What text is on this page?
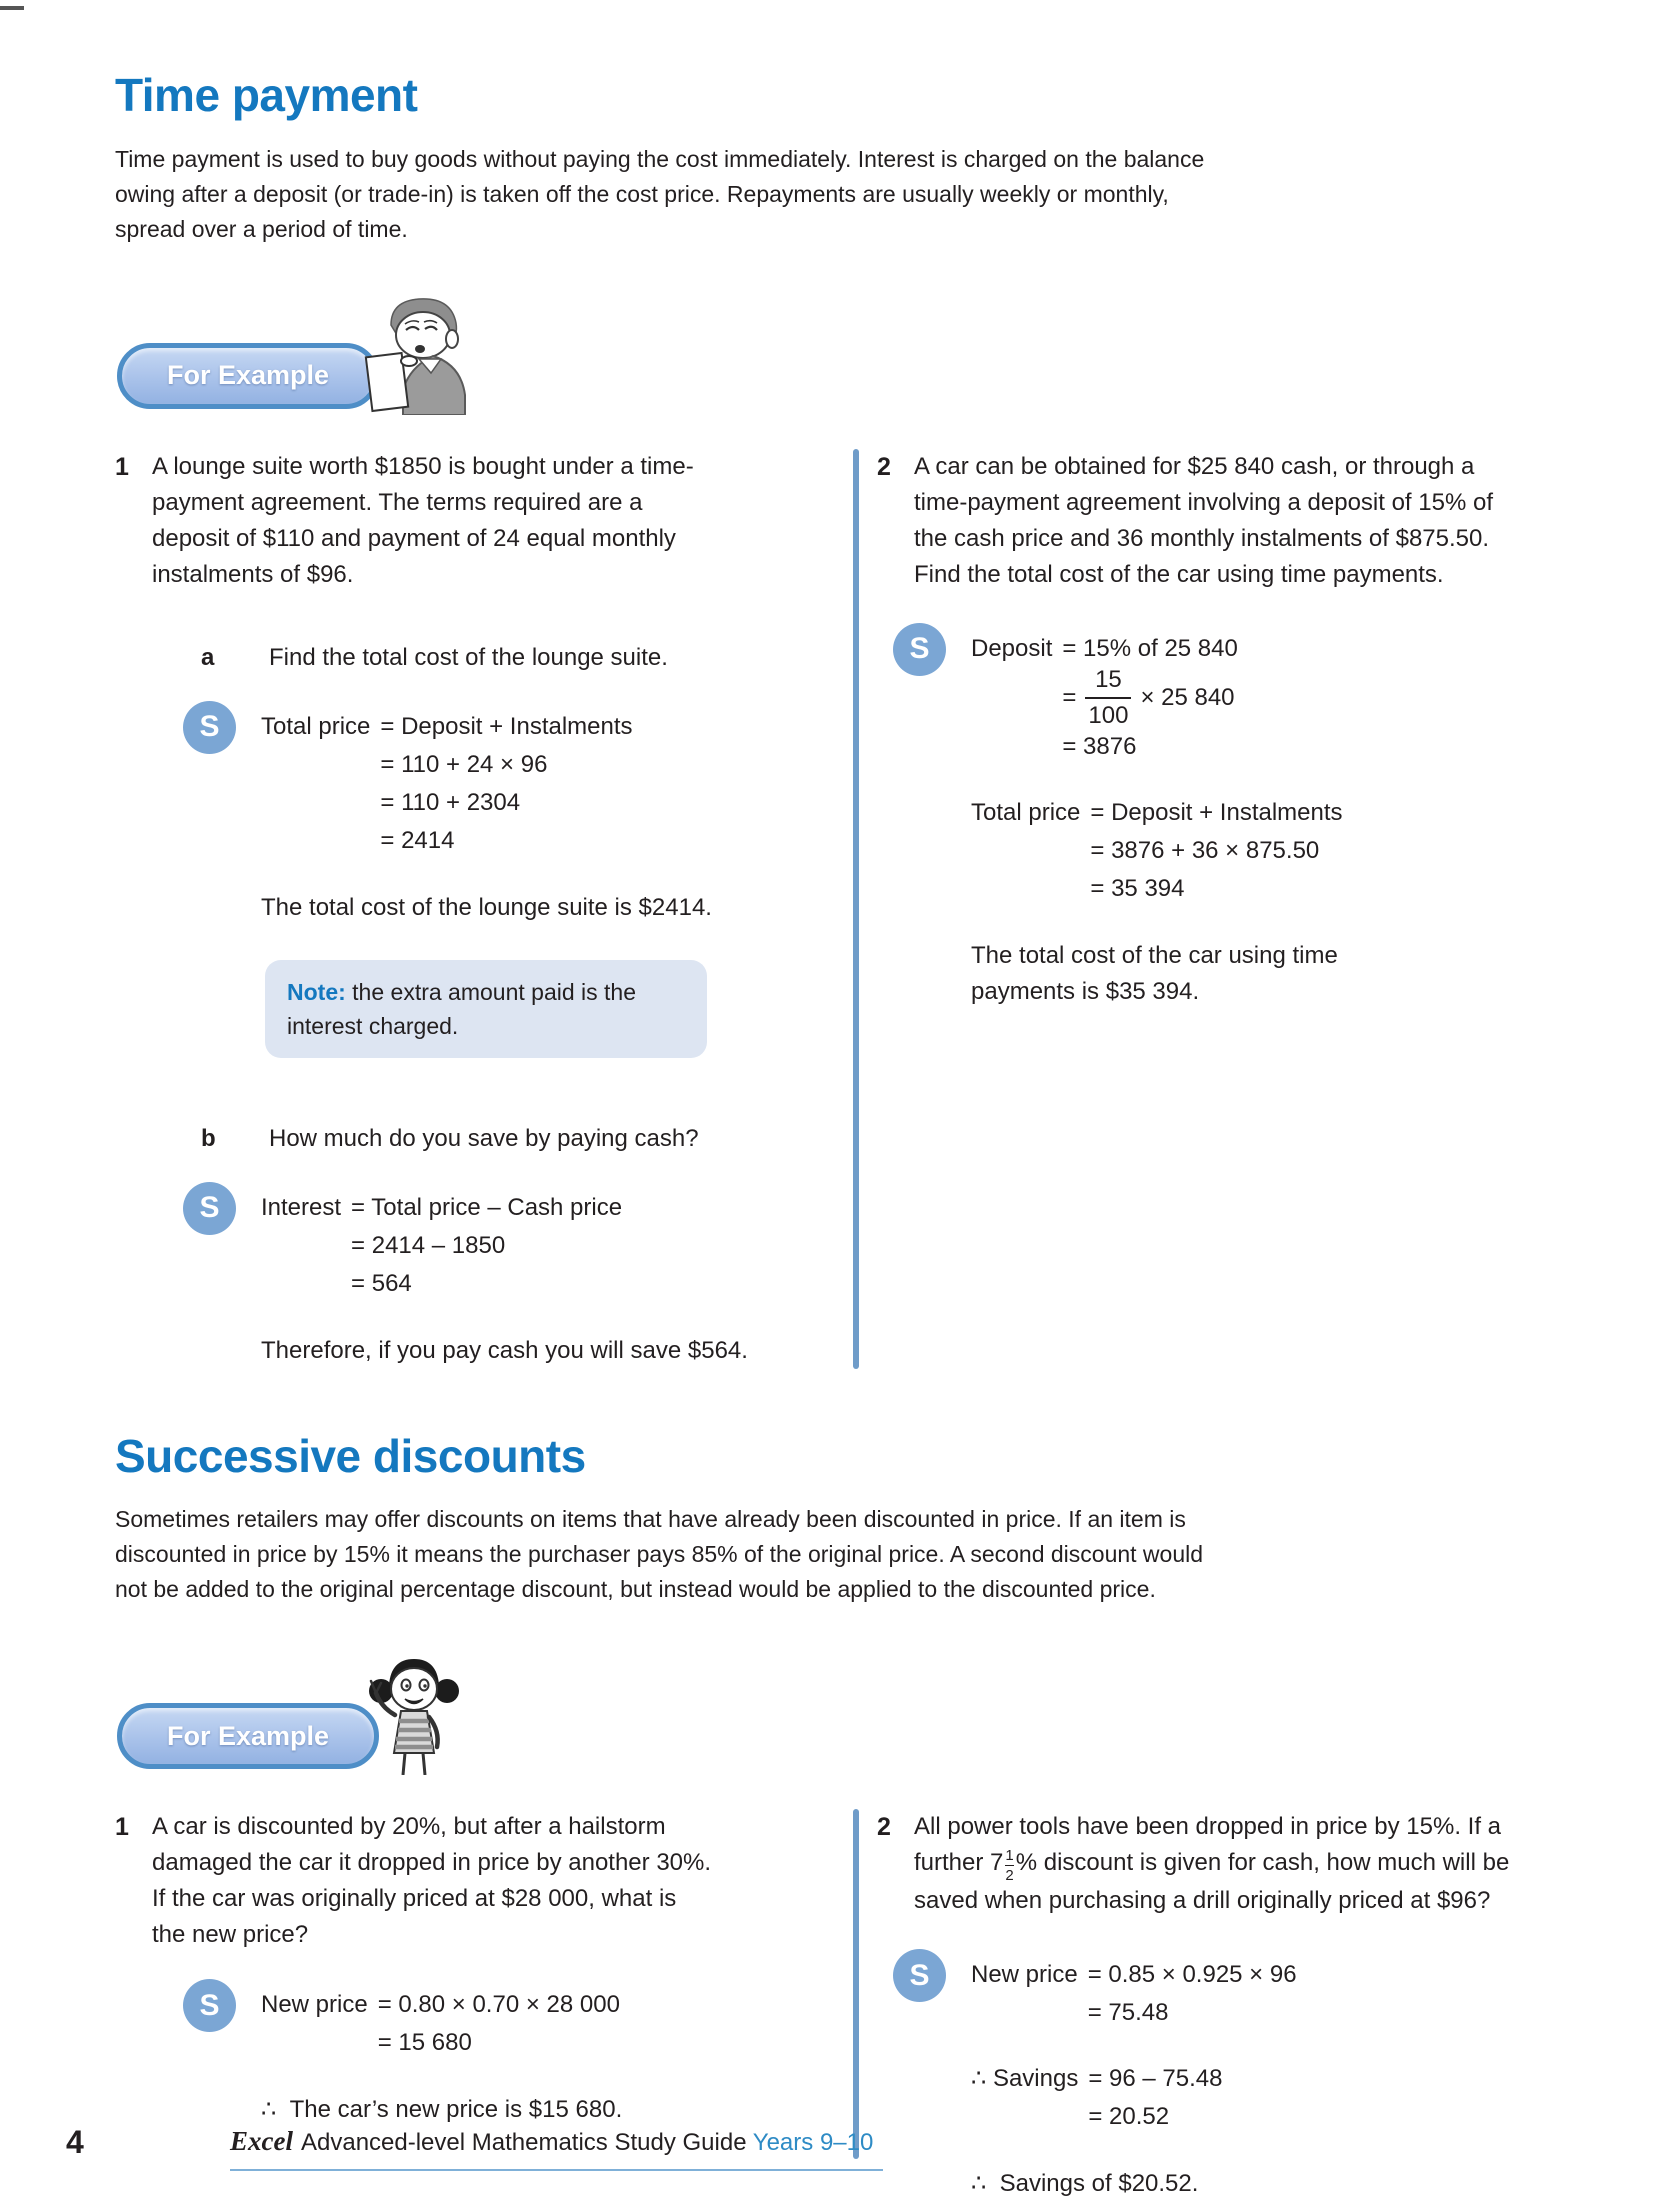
Time payment

Time payment is used to buy goods without paying the cost immediately. Interest is charged on the balance owing after a deposit (or trade-in) is taken off the cost price. Repayments are usually weekly or monthly, spread over a period of time.

For Example
1 A lounge suite worth $1850 is bought under a time-payment agreement. The terms required are a deposit of $110 and payment of 24 equal monthly instalments of $96.
a	Find the total cost of the lounge suite.
S	Total price = Deposit + Instalments
= 110 + 24 × 96
= 110 + 2304
= 2414
The total cost of the lounge suite is $2414.
Note: the extra amount paid is the interest charged.
b	How much do you save by paying cash?
S	Interest = Total price – Cash price
= 2414 – 1850
= 564
Therefore, if you pay cash you will save $564.
2 A car can be obtained for $25 840 cash, or through a time-payment agreement involving a deposit of 15% of the cash price and 36 monthly instalments of $875.50. Find the total cost of the car using time payments.
S	Deposit = 15% of 25 840
= $\frac{15}{100} \times 25$ 840
= 3876
Total price = Deposit + Instalments
= 3876 + 36 × 875.50
= 35 394
The total cost of the car using time payments is $35 394.
Successive discounts

Sometimes retailers may offer discounts on items that have already been discounted in price. If an item is discounted in price by 15% it means the purchaser pays 85% of the original price. A second discount would not be added to the original percentage discount, but instead would be applied to the discounted price.

For Example
1 A car is discounted by 20%, but after a hailstorm damaged the car it dropped in price by another 30%. If the car was originally priced at $28 000, what is the new price?
S	New price = 0.80 × 0.70 × 28 000
= 15 680
∴  The car’s new price is $15 680.
2 All power tools have been dropped in price by 15%. If a further $7 \frac{1}{2}$ % discount is given for cash, how much will be saved when purchasing a drill originally priced at $96?
S	New price = 0.85 × 0.925 × 96
= 75.48
∴ Savings = 96 – 75.48
= 20.52
∴  Savings of $20.52.
4	Excel Advanced-level Mathematics Study Guide Years 9–10
